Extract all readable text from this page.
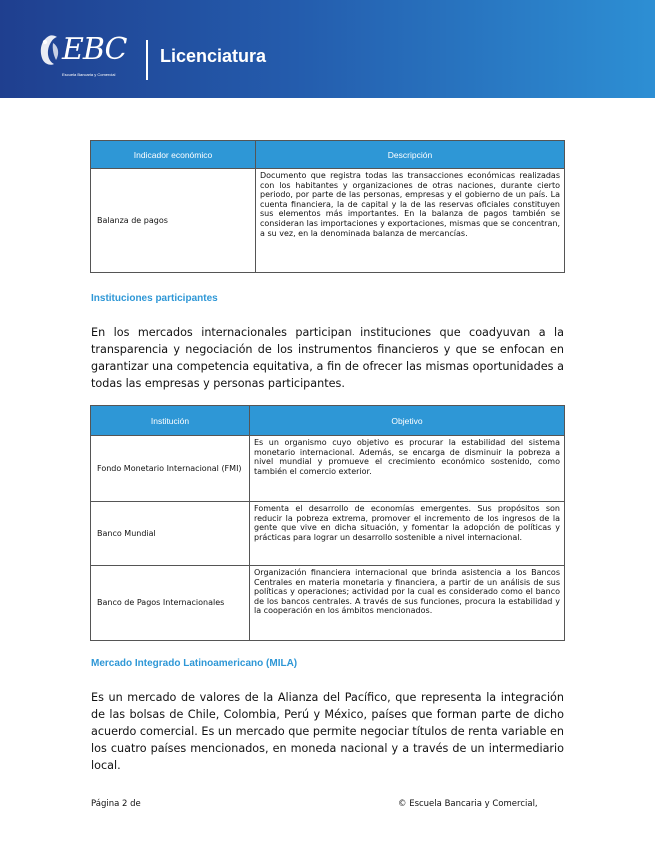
EBC
Escuela Bancaria y Comercial
Licenciatura
Indicador económico	Descripción
Balanza de pagos	Documento que registra todas las transacciones económicas realizadas con los habitantes y organizaciones de otras naciones, durante cierto periodo, por parte de las personas, empresas y el gobierno de un país. La cuenta financiera, la de capital y la de las reservas oficiales constituyen sus elementos más importantes. En la balanza de pagos también se consideran las importaciones y exportaciones, mismas que se concentran, a su vez, en la denominada balanza de mercancías.
Instituciones participantes
En los mercados internacionales participan instituciones que coadyuvan a la transparencia y negociación de los instrumentos financieros y que se enfocan en garantizar una competencia equitativa, a fin de ofrecer las mismas oportunidades a todas las empresas y personas participantes.
Institución	Objetivo
Fondo Monetario Internacional (FMI)	Es un organismo cuyo objetivo es procurar la estabilidad del sistema monetario internacional. Además, se encarga de disminuir la pobreza a nivel mundial y promueve el crecimiento económico sostenido, como también el comercio exterior.
Banco Mundial	Fomenta el desarrollo de economías emergentes. Sus propósitos son reducir la pobreza extrema, promover el incremento de los ingresos de la gente que vive en dicha situación, y fomentar la adopción de políticas y prácticas para lograr un desarrollo sostenible a nivel internacional.
Banco de Pagos Internacionales	Organización financiera internacional que brinda asistencia a los Bancos Centrales en materia monetaria y financiera, a partir de un análisis de sus políticas y operaciones; actividad por la cual es considerado como el banco de los bancos centrales. A través de sus funciones, procura la estabilidad y la cooperación en los ámbitos mencionados.
Mercado Integrado Latinoamericano (MILA)
Es un mercado de valores de la Alianza del Pacífico, que representa la integración de las bolsas de Chile, Colombia, Perú y México, países que forman parte de dicho acuerdo comercial. Es un mercado que permite negociar títulos de renta variable en los cuatro países mencionados, en moneda nacional y a través de un intermediario local.
Página 2 de	© Escuela Bancaria y Comercial,
